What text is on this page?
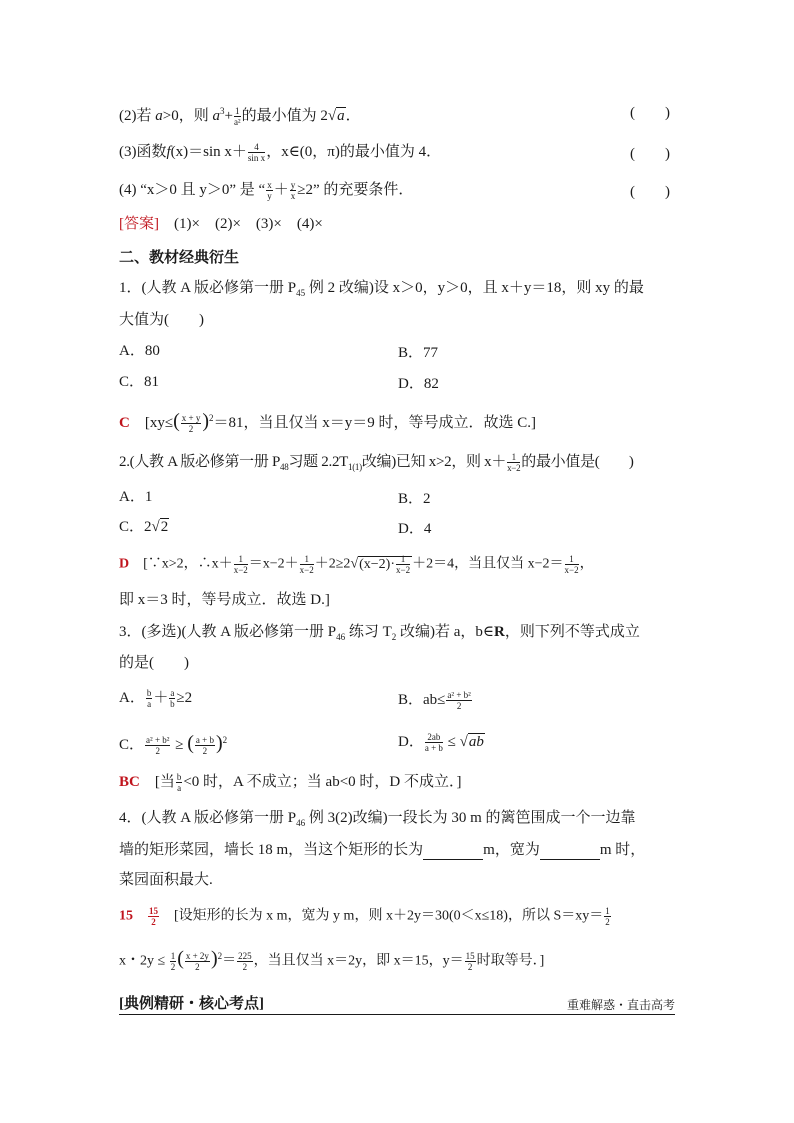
(2)若 a>0，则 $a^3+ \frac{1}{\text{a²}}$ 的最小值为 2√a．	(　　)
(3)函数f(x)＝sin $x+ \frac{4}{\text{sin x}}$ ，x∈(0，π)的最小值为 4．	(　　)
(4) “x＞0 且 y＞0” 是 “ $\frac{x}{y} + \frac{y}{x} \ge 2$” 的充要条件．	(　　)
[答案]　(1)×　(2)×　(3)×　(4)×
二、教材经典衍生
1．(人教 A 版必修第一册 $P_{45}$ 例 2 改编)设 x＞0，y＞0，且 x＋y＝18，则 xy 的最
大值为(　　)
A．80	B．77
C．81	D．82
C　[$xy\le( \frac{x + y}{2} )^2=81$，当且仅当 x＝y＝9 时，等号成立．故选 C.]
2.(人教 A 版必修第一册 $P_{48}$习题 $2.2T_{1(1)}$改编)已知 x>2，则 $x+ \frac{1}{x-2}$ 的最小值是(　　)
A．1	B．2
C．2√2	D．4
D　[∵x>2，∴x＋ $\frac{1}{x-2} =x-2+ \frac{1}{x-2} +2\ge 2√(x-2)\cdot \frac{1}{x-2} +2=4$，当且仅当 $x-2= \frac{1}{x-2}$ ，
即 x＝3 时，等号成立．故选 D.]
3．(多选)(人教 A 版必修第一册 $P_{46}$ 练习 $T_2$ 改编)若 a，b∈R，则下列不等式成立
的是(　　)
A． $\frac{b}{a} + \frac{a}{b} \ge 2$	B．$ab\le \frac{\text{a² + b²}}{2}$
C． $\frac{\text{a² + b²}}{2}$ ≥ ( $\frac{a + b}{2} )^2$	D． $\frac{2ab}{a + b} \le √ab$
BC　[当 $\frac{b}{a} <0$ 时，A 不成立；当 ab<0 时，D 不成立．]
4．(人教 A 版必修第一册 $P_{46}$ 例 3(2)改编)一段长为 30 m 的篱笆围成一个一边靠
墙的矩形菜园，墙长 18 m，当这个矩形的长为	m，宽为	m 时，
菜园面积最大.
15　 $\frac{15}{2}$ 　[设矩形的长为 x m，宽为 y m，则 x＋2y＝30(0＜x≤18)，所以 $S=xy= \frac{1}{2}$
x・$2y \le \frac{1}{2}$ ( $\frac{x + 2y}{2} )^2= \frac{225}{2}$ ，当且仅当 x＝2y，即 x＝15，$y= \frac{15}{2}$ 时取等号．]
[典例精研・核心考点]	重难解惑・直击高考
